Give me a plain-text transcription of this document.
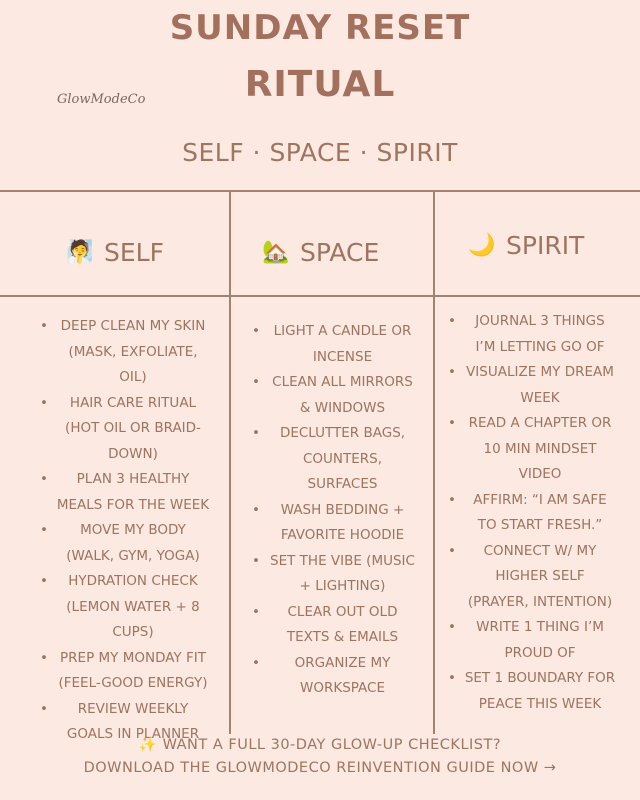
SUNDAY RESET
RITUAL
GlowModeCo
SELF · SPACE · SPIRIT
🧖 SELF	🏡 SPACE	🌙 SPIRIT
• DEEP CLEAN MY SKIN (MASK, EXFOLIATE, OIL)
• HAIR CARE RITUAL (HOT OIL OR BRAID-DOWN)
• PLAN 3 HEALTHY MEALS FOR THE WEEK
• MOVE MY BODY (WALK, GYM, YOGA)
• HYDRATION CHECK (LEMON WATER + 8 CUPS)
• PREP MY MONDAY FIT (FEEL-GOOD ENERGY)
• REVIEW WEEKLY GOALS IN PLANNER
• LIGHT A CANDLE OR INCENSE
• CLEAN ALL MIRRORS & WINDOWS
• DECLUTTER BAGS, COUNTERS, SURFACES
• WASH BEDDING + FAVORITE HOODIE
• SET THE VIBE (MUSIC + LIGHTING)
• CLEAR OUT OLD TEXTS & EMAILS
• ORGANIZE MY WORKSPACE
• JOURNAL 3 THINGS I’M LETTING GO OF
• VISUALIZE MY DREAM WEEK
• READ A CHAPTER OR 10 MIN MINDSET VIDEO
• AFFIRM: “I AM SAFE TO START FRESH.”
• CONNECT W/ MY HIGHER SELF (PRAYER, INTENTION)
• WRITE 1 THING I’M PROUD OF
• SET 1 BOUNDARY FOR PEACE THIS WEEK
✨ WANT A FULL 30-DAY GLOW-UP CHECKLIST?
DOWNLOAD THE GLOWMODECO REINVENTION GUIDE NOW →
